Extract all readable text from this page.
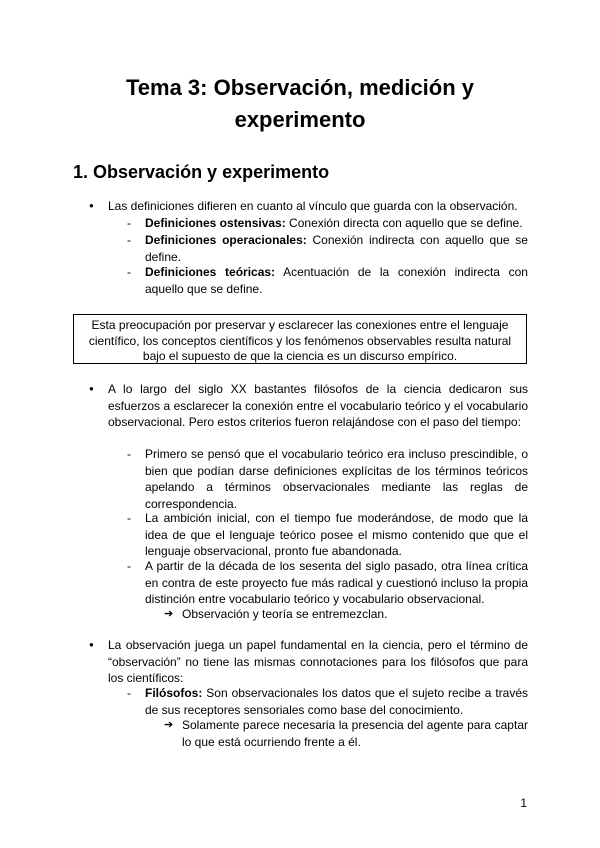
Tema 3: Observación, medición y
experimento
1. Observación y experimento
● Las definiciones difieren en cuanto al vínculo que guarda con la observación.
- Definiciones ostensivas: Conexión directa con aquello que se define.
- Definiciones operacionales: Conexión indirecta con aquello que se define.
- Definiciones teóricas: Acentuación de la conexión indirecta con aquello que se define.
Esta preocupación por preservar y esclarecer las conexiones entre el lenguaje
científico, los conceptos científicos y los fenómenos observables resulta natural
bajo el supuesto de que la ciencia es un discurso empírico.
● A lo largo del siglo XX bastantes filósofos de la ciencia dedicaron sus esfuerzos a esclarecer la conexión entre el vocabulario teórico y el vocabulario observacional. Pero estos criterios fueron relajándose con el paso del tiempo:
- Primero se pensó que el vocabulario teórico era incluso prescindible, o bien que podían darse definiciones explícitas de los términos teóricos apelando a términos observacionales mediante las reglas de correspondencia.
- La ambición inicial, con el tiempo fue moderándose, de modo que la idea de que el lenguaje teórico posee el mismo contenido que que el lenguaje observacional, pronto fue abandonada.
- A partir de la década de los sesenta del siglo pasado, otra línea crítica en contra de este proyecto fue más radical y cuestionó incluso la propia distinción entre vocabulario teórico y vocabulario observacional.
➔ Observación y teoría se entremezclan.
● La observación juega un papel fundamental en la ciencia, pero el término de “observación” no tiene las mismas connotaciones para los filósofos que para los científicos:
- Filósofos: Son observacionales los datos que el sujeto recibe a través de sus receptores sensoriales como base del conocimiento.
➔ Solamente parece necesaria la presencia del agente para captar lo que está ocurriendo frente a él.
1
